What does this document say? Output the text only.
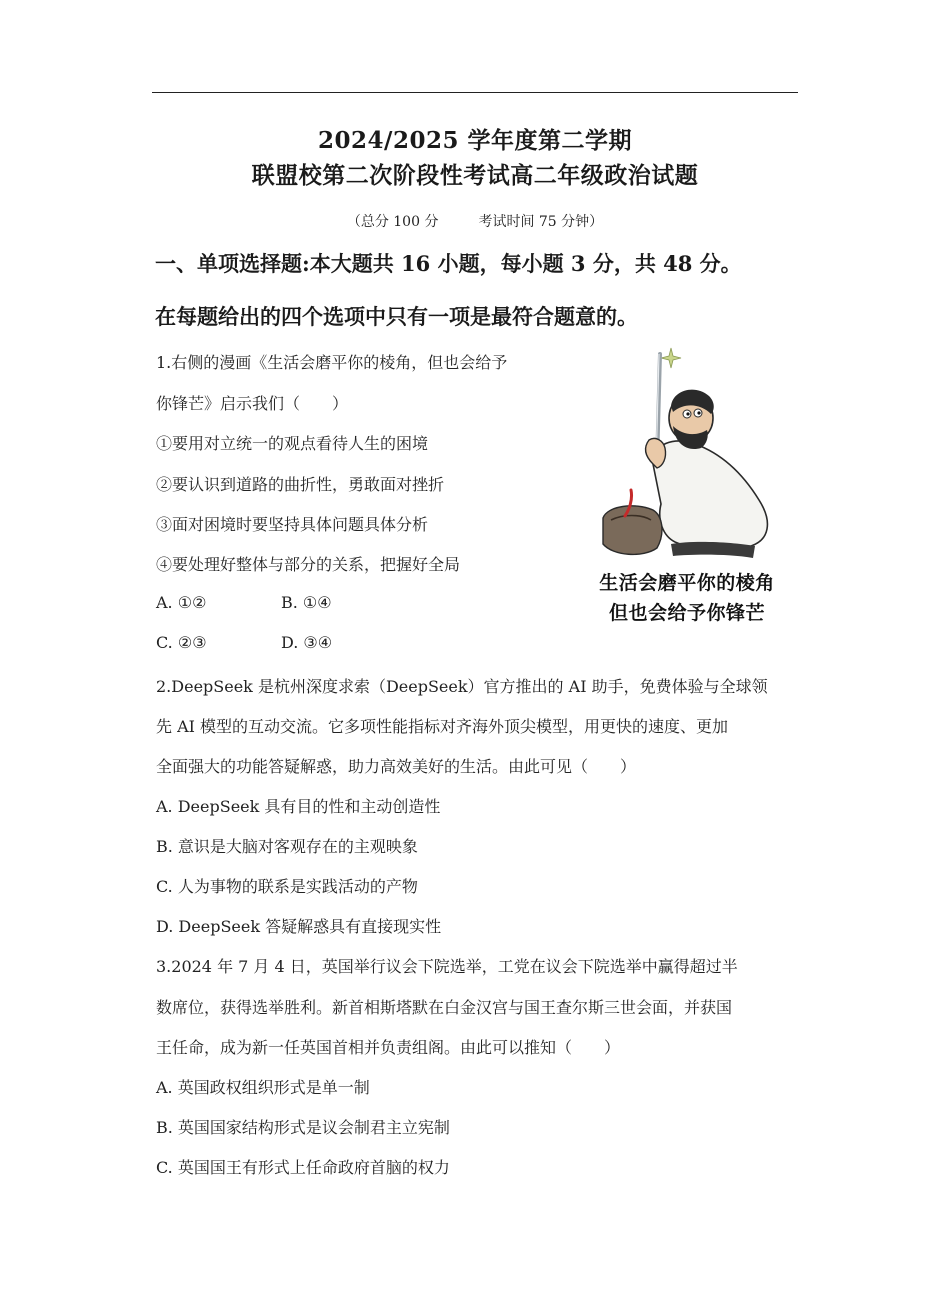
2024/2025 学年度第二学期
联盟校第二次阶段性考试高二年级政治试题
（总分 100 分	考试时间 75 分钟）
一、单项选择题:本大题共 16 小题，每小题 3 分，共 48 分。
在每题给出的四个选项中只有一项是最符合题意的。
1.右侧的漫画《生活会磨平你的棱角，但也会给予
你锋芒》启示我们（　　）
①要用对立统一的观点看待人生的困境
②要认识到道路的曲折性，勇敢面对挫折
③面对困境时要坚持具体问题具体分析
④要处理好整体与部分的关系，把握好全局
A. ①②	B. ①④
C. ②③	D. ③④
生活会磨平你的棱角
但也会给予你锋芒
2.DeepSeek 是杭州深度求索（DeepSeek）官方推出的 AI 助手，免费体验与全球领
先 AI 模型的互动交流。它多项性能指标对齐海外顶尖模型，用更快的速度、更加
全面强大的功能答疑解惑，助力高效美好的生活。由此可见（　　）
A. DeepSeek 具有目的性和主动创造性
B. 意识是大脑对客观存在的主观映象
C. 人为事物的联系是实践活动的产物
D. DeepSeek 答疑解惑具有直接现实性
3.2024 年 7 月 4 日，英国举行议会下院选举，工党在议会下院选举中赢得超过半
数席位，获得选举胜利。新首相斯塔默在白金汉宫与国王查尔斯三世会面，并获国
王任命，成为新一任英国首相并负责组阁。由此可以推知（　　）
A. 英国政权组织形式是单一制
B. 英国国家结构形式是议会制君主立宪制
C. 英国国王有形式上任命政府首脑的权力
